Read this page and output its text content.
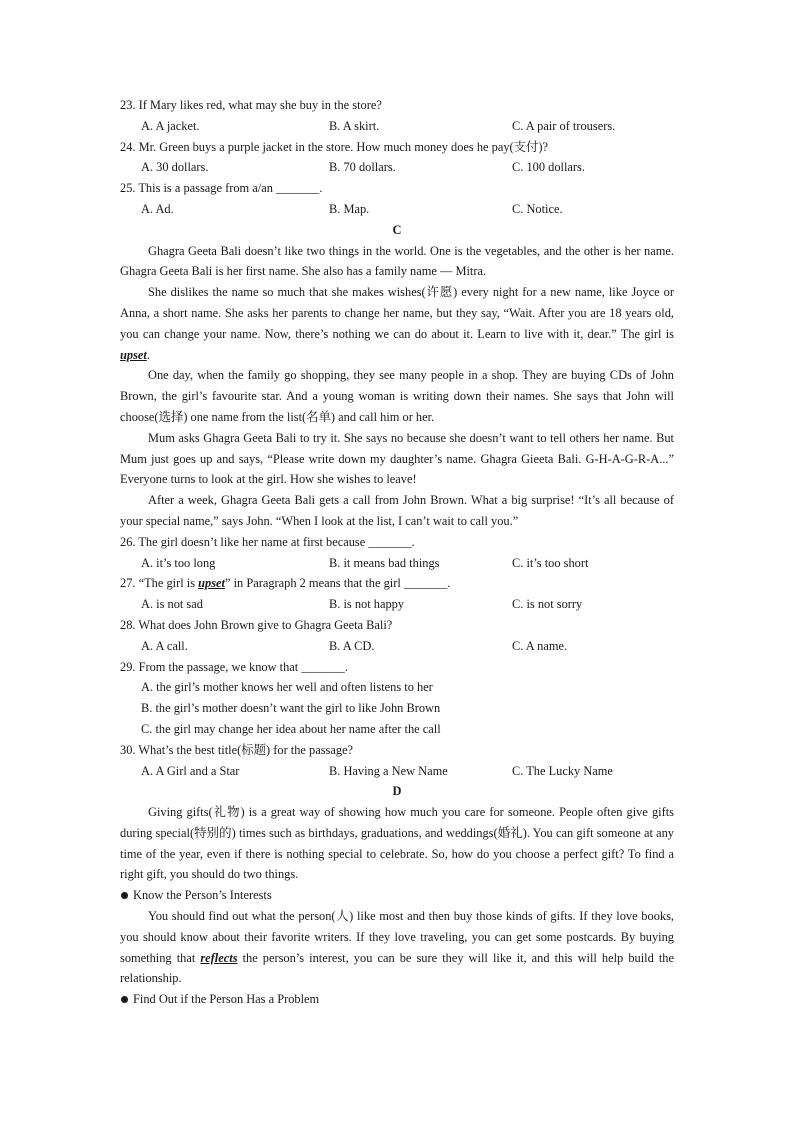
23. If Mary likes red, what may she buy in the store?
A. A jacket.	B. A skirt.	C. A pair of trousers.
24. Mr. Green buys a purple jacket in the store. How much money does he pay(支付)?
A. 30 dollars.	B. 70 dollars.	C. 100 dollars.
25. This is a passage from a/an _______.
A. Ad.	B. Map.	C. Notice.
C

Ghagra Geeta Bali doesn’t like two things in the world. One is the vegetables, and the other is her name. Ghagra Geeta Bali is her first name. She also has a family name — Mitra.

She dislikes the name so much that she makes wishes(许愿) every night for a new name, like Joyce or Anna, a short name. She asks her parents to change her name, but they say, “Wait. After you are 18 years old, you can change your name. Now, there’s nothing we can do about it. Learn to live with it, dear.” The girl is upset.

One day, when the family go shopping, they see many people in a shop. They are buying CDs of John Brown, the girl’s favourite star. And a young woman is writing down their names. She says that John will choose(选择) one name from the list(名单) and call him or her.

Mum asks Ghagra Geeta Bali to try it. She says no because she doesn’t want to tell others her name. But Mum just goes up and says, “Please write down my daughter’s name. Ghagra Gieeta Bali. G-H-A-G-R-A...” Everyone turns to look at the girl. How she wishes to leave!

After a week, Ghagra Geeta Bali gets a call from John Brown. What a big surprise! “It’s all because of your special name,” says John. “When I look at the list, I can’t wait to call you.”

26. The girl doesn’t like her name at first because _______.
A. it’s too long	B. it means bad things	C. it’s too short
27. “The girl is upset” in Paragraph 2 means that the girl _______.
A. is not sad	B. is not happy	C. is not sorry
28. What does John Brown give to Ghagra Geeta Bali?
A. A call.	B. A CD.	C. A name.
29. From the passage, we know that _______.
A. the girl’s mother knows her well and often listens to her
B. the girl’s mother doesn’t want the girl to like John Brown
C. the girl may change her idea about her name after the call
30. What’s the best title(标题) for the passage?
A. A Girl and a Star	B. Having a New Name	C. The Lucky Name
D

Giving gifts(礼物) is a great way of showing how much you care for someone. People often give gifts during special(特别的) times such as birthdays, graduations, and weddings(婚礼). You can gift someone at any time of the year, even if there is nothing special to celebrate. So, how do you choose a perfect gift? To find a right gift, you should do two things.

Know the Person’s Interests

You should find out what the person(人) like most and then buy those kinds of gifts. If they love books, you should know about their favorite writers. If they love traveling, you can get some postcards. By buying something that reflects the person’s interest, you can be sure they will like it, and this will help build the relationship.

Find Out if the Person Has a Problem
